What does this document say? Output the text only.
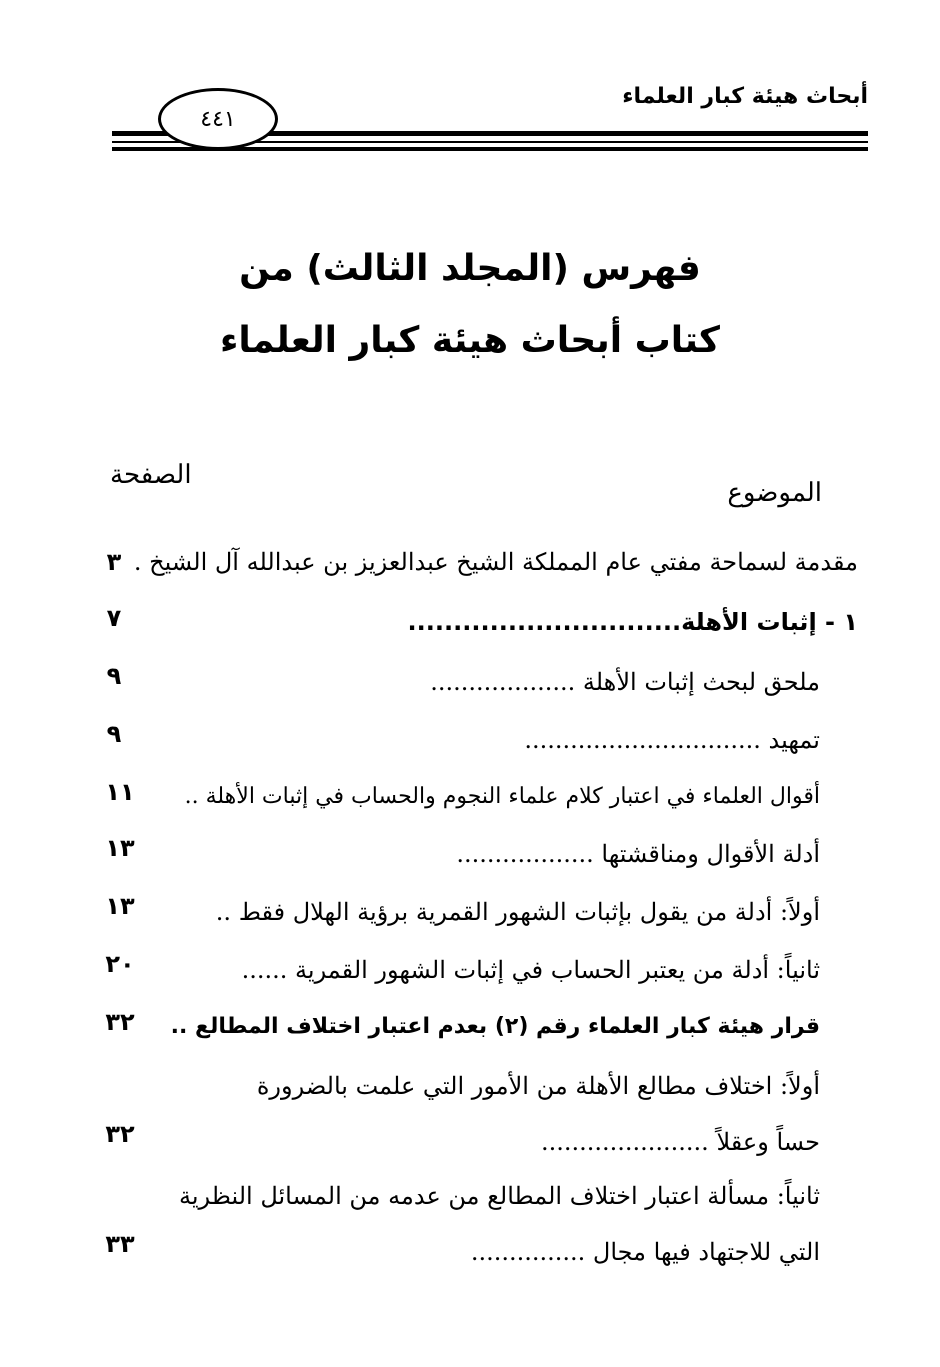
أبحاث هيئة كبار العلماء
٤٤١
فهرس (المجلد الثالث) من
كتاب أبحاث هيئة كبار العلماء
الموضوع
الصفحة
مقدمة لسماحة مفتي عام المملكة الشيخ عبدالعزيز بن عبدالله آل الشيخ .
٣
١ - إثبات الأهلة..............................
٧
ملحق لبحث إثبات الأهلة ...................
٩
تمهيد ...............................
٩
أقوال العلماء في اعتبار كلام علماء النجوم والحساب في إثبات الأهلة ..
١١
أدلة الأقوال ومناقشتها ..................
١٣
أولاً: أدلة من يقول بإثبات الشهور القمرية برؤية الهلال فقط ..
١٣
ثانياً: أدلة من يعتبر الحساب في إثبات الشهور القمرية ......
٢٠
قرار هيئة كبار العلماء رقم (٢) بعدم اعتبار اختلاف المطالع ..
٣٢
أولاً: اختلاف مطالع الأهلة من الأمور التي علمت بالضرورة
حساً وعقلاً ......................
٣٢
ثانياً: مسألة اعتبار اختلاف المطالع من عدمه من المسائل النظرية
التي للاجتهاد فيها مجال ...............
٣٣
